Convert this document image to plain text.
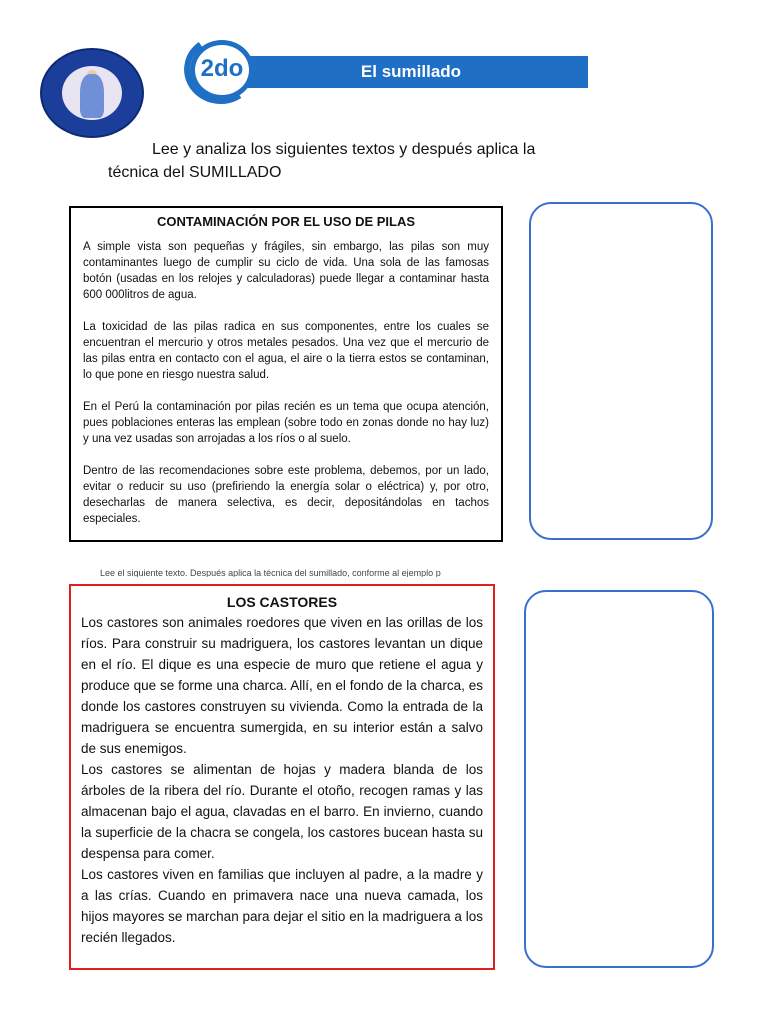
El sumillado
2do
Lee y analiza los siguientes textos y después aplica la
técnica del SUMILLADO
CONTAMINACIÓN POR EL USO DE PILAS

A simple vista son pequeñas y frágiles, sin embargo, las pilas son muy contaminantes luego de cumplir su ciclo de vida. Una sola de las famosas botón (usadas en los relojes y calculadoras) puede llegar a contaminar hasta 600 000litros de agua.

La toxicidad de las pilas radica en sus componentes, entre los cuales se encuentran el mercurio y otros metales pesados. Una vez que el mercurio de las pilas entra en contacto con el agua, el aire o la tierra estos se contaminan, lo que pone en riesgo nuestra salud.

En el Perú la contaminación por pilas recién es un tema que ocupa atención, pues poblaciones enteras las emplean (sobre todo en zonas donde no hay luz) y una vez usadas son arrojadas a los ríos o al suelo.

Dentro de las recomendaciones sobre este problema, debemos, por un lado, evitar o reducir su uso (prefiriendo la energía solar o eléctrica) y, por otro, desecharlas de manera selectiva, es decir, depositándolas en tachos especiales.

Lee el siguiente texto. Después aplica la técnica del sumillado, conforme al ejemplo p
LOS CASTORES

Los castores son animales roedores que viven en las orillas de los ríos. Para construir su madriguera, los castores levantan un dique en el río. El dique es una especie de muro que retiene el agua y produce que se forme una charca. Allí, en el fondo de la charca, es donde los castores construyen su vivienda. Como la entrada de la madriguera se encuentra sumergida, en su interior están a salvo de sus enemigos.

Los castores se alimentan de hojas y madera blanda de los árboles de la ribera del río. Durante el otoño, recogen ramas y las almacenan bajo el agua, clavadas en el barro. En invierno, cuando la superficie de la chacra se congela, los castores bucean hasta su despensa para comer.

Los castores viven en familias que incluyen al padre, a la madre y a las crías. Cuando en primavera nace una nueva camada, los hijos mayores se marchan para dejar el sitio en la madriguera a los recién llegados.
